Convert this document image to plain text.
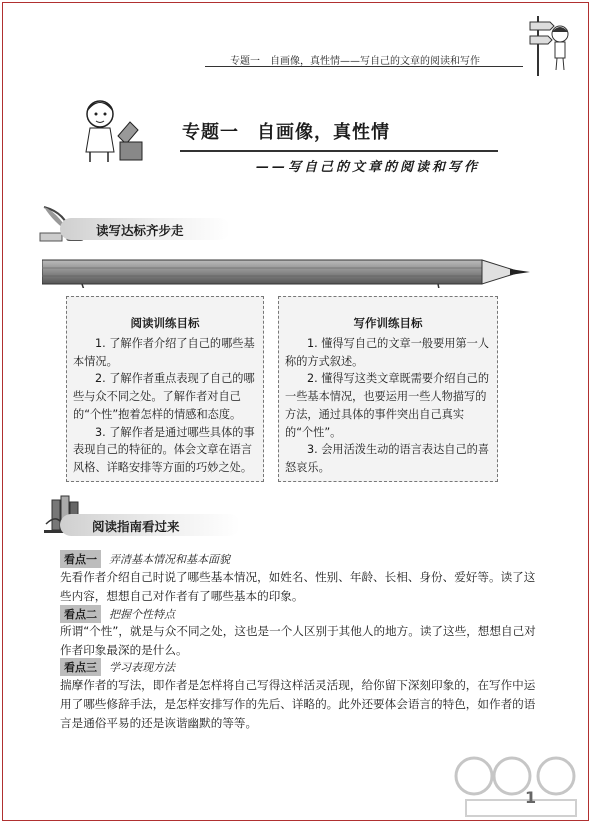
专题一　自画像，真性情——写自己的文章的阅读和写作
专题一 自画像，真性情
——写自己的文章的阅读和写作
读写达标齐步走
阅读训练目标
1. 了解作者介绍了自己的哪些基本情况。
2. 了解作者重点表现了自己的哪些与众不同之处。了解作者对自己的“个性”抱着怎样的情感和态度。
3. 了解作者是通过哪些具体的事表现自己的特征的。体会文章在语言风格、详略安排等方面的巧妙之处。
写作训练目标
1. 懂得写自己的文章一般要用第一人称的方式叙述。
2. 懂得写这类文章既需要介绍自己的一些基本情况，也要运用一些人物描写的方法，通过具体的事件突出自己真实的“个性”。
3. 会用活泼生动的语言表达自己的喜怒哀乐。
阅读指南看过来
看点一 弄清基本情况和基本面貌
先看作者介绍自己时说了哪些基本情况，如姓名、性别、年龄、长相、身份、爱好等。读了这些内容，想想自己对作者有了哪些基本的印象。
看点二 把握个性特点
所谓“个性”，就是与众不同之处，这也是一个人区别于其他人的地方。读了这些，想想自己对作者印象最深的是什么。
看点三 学习表现方法
揣摩作者的写法，即作者是怎样将自己写得这样活灵活现，给你留下深刻印象的，在写作中运用了哪些修辞手法，是怎样安排写作的先后、详略的。此外还要体会语言的特色，如作者的语言是通俗平易的还是诙谐幽默的等等。
1
